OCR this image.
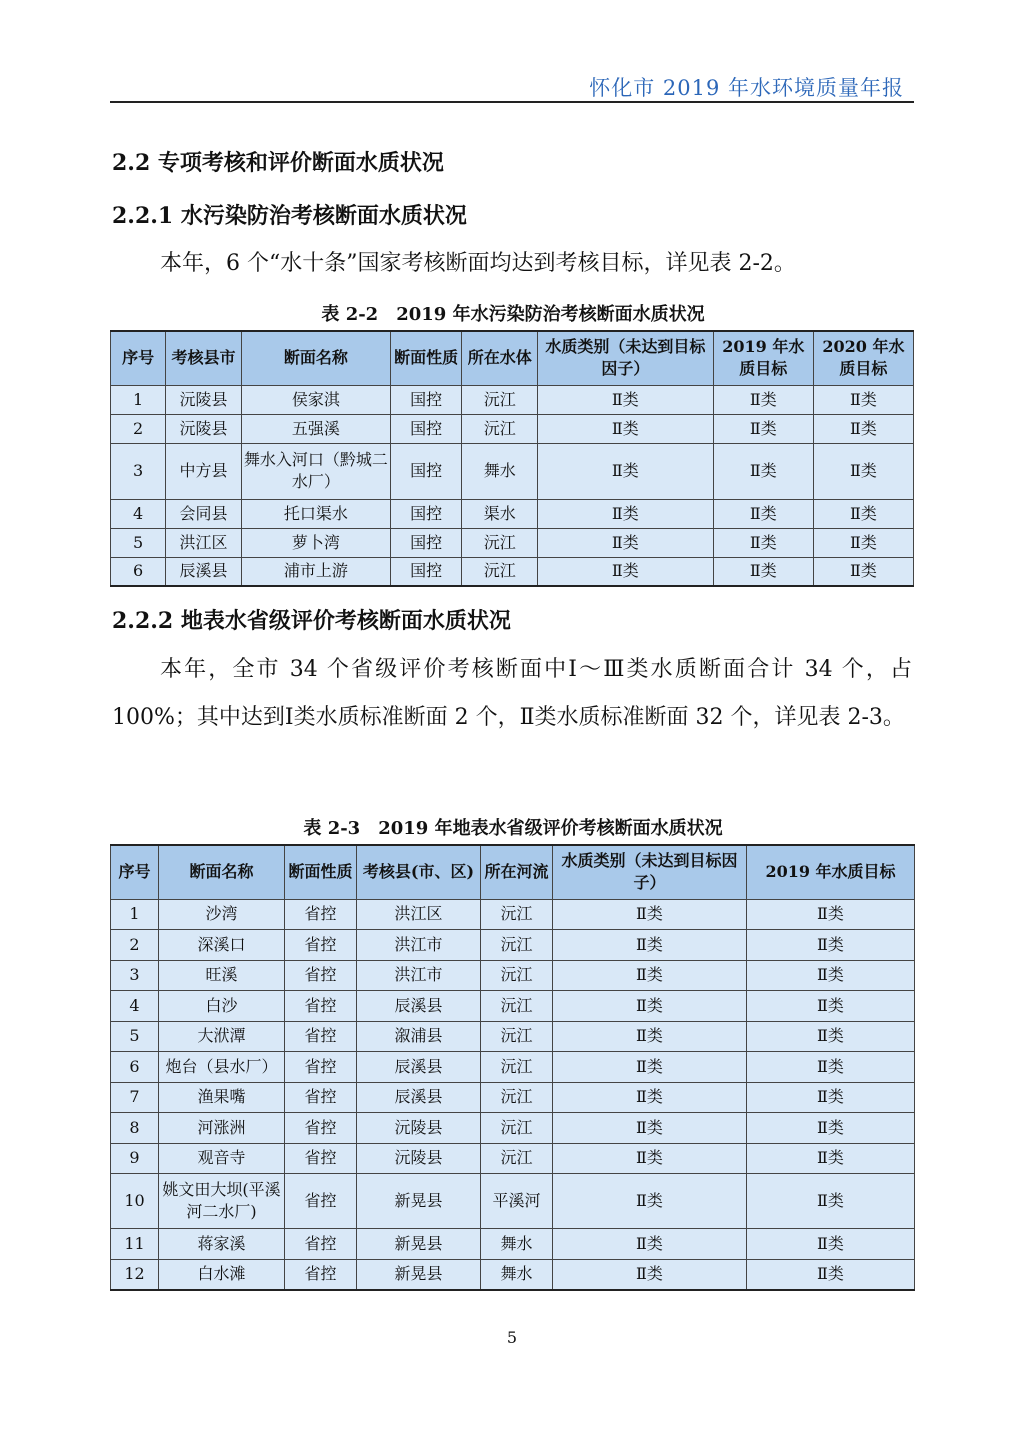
怀化市 2019 年水环境质量年报
2.2 专项考核和评价断面水质状况
2.2.1 水污染防治考核断面水质状况
本年，6 个“水十条”国家考核断面均达到考核目标，详见表 2-2。
表 2-2　2019 年水污染防治考核断面水质状况
序号	考核县市	断面名称	断面性质	所在水体	水质类别（未达到目标因子）	2019 年水质目标	2020 年水质目标
1	沅陵县	侯家淇	国控	沅江	Ⅱ类	Ⅱ类	Ⅱ类
2	沅陵县	五强溪	国控	沅江	Ⅱ类	Ⅱ类	Ⅱ类
3	中方县	舞水入河口（黔城二水厂）	国控	舞水	Ⅱ类	Ⅱ类	Ⅱ类
4	会同县	托口渠水	国控	渠水	Ⅱ类	Ⅱ类	Ⅱ类
5	洪江区	萝卜湾	国控	沅江	Ⅱ类	Ⅱ类	Ⅱ类
6	辰溪县	浦市上游	国控	沅江	Ⅱ类	Ⅱ类	Ⅱ类
2.2.2 地表水省级评价考核断面水质状况
本年，全市 34 个省级评价考核断面中Ⅰ～Ⅲ类水质断面合计 34 个，占 100%；其中达到Ⅰ类水质标准断面 2 个，Ⅱ类水质标准断面 32 个，详见表 2-3。
表 2-3　2019 年地表水省级评价考核断面水质状况
序号	断面名称	断面性质	考核县(市、区)	所在河流	水质类别（未达到目标因子）	2019 年水质目标
1	沙湾	省控	洪江区	沅江	Ⅱ类	Ⅱ类
2	深溪口	省控	洪江市	沅江	Ⅱ类	Ⅱ类
3	旺溪	省控	洪江市	沅江	Ⅱ类	Ⅱ类
4	白沙	省控	辰溪县	沅江	Ⅱ类	Ⅱ类
5	大洑潭	省控	溆浦县	沅江	Ⅱ类	Ⅱ类
6	炮台（县水厂）	省控	辰溪县	沅江	Ⅱ类	Ⅱ类
7	渔果嘴	省控	辰溪县	沅江	Ⅱ类	Ⅱ类
8	河涨洲	省控	沅陵县	沅江	Ⅱ类	Ⅱ类
9	观音寺	省控	沅陵县	沅江	Ⅱ类	Ⅱ类
10	姚文田大坝(平溪河二水厂)	省控	新晃县	平溪河	Ⅱ类	Ⅱ类
11	蒋家溪	省控	新晃县	舞水	Ⅱ类	Ⅱ类
12	白水滩	省控	新晃县	舞水	Ⅱ类	Ⅱ类
5
